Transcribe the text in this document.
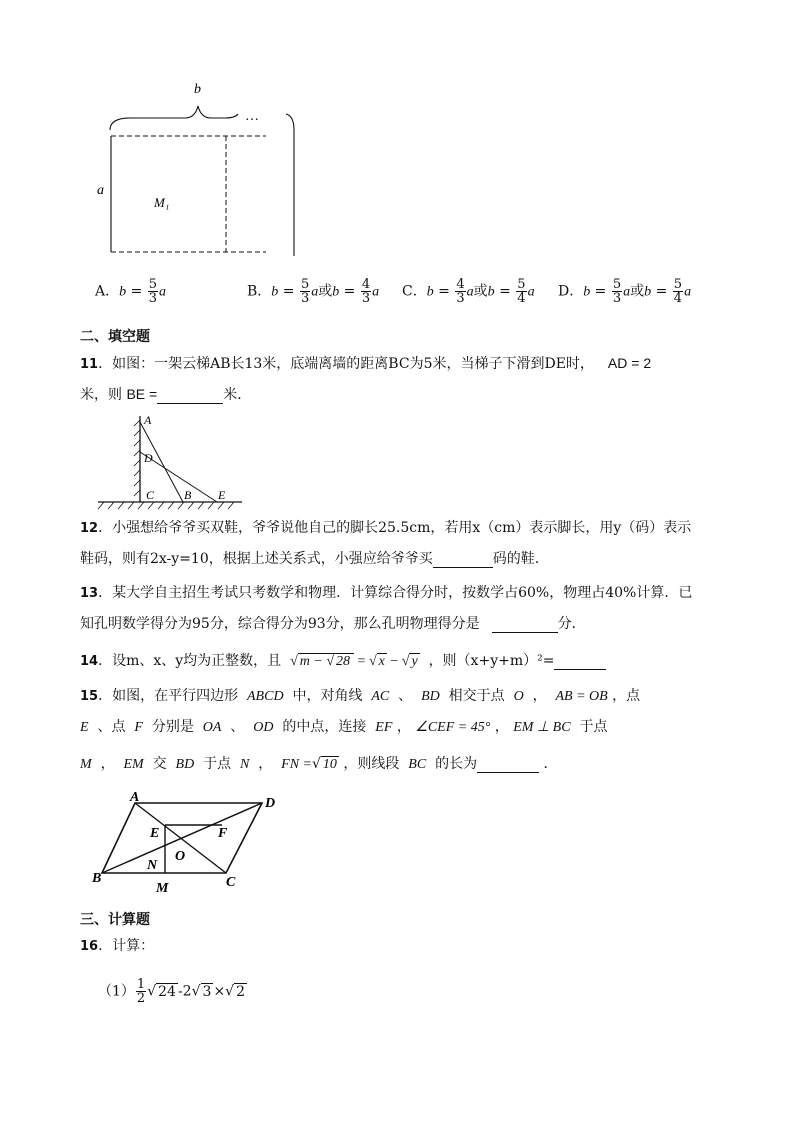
b
a
M₁
…
A．$b = \frac{5}{3}$ a	B．$b = \frac{5}{3}$ a或$b = \frac{4}{3}$ a C．$b = \frac{4}{3}$ a或$b = \frac{5}{4}$ a D．$b = \frac{5}{3}$ a或$b = \frac{5}{4}$ a
二、填空题
11．如图：一架云梯AB长13米，底端离墙的距离BC为5米，当梯子下滑到DE时， AD = 2
米，则 BE =	米．
A
D
C B E
12．小强想给爷爷买双鞋，爷爷说他自己的脚长25.5cm，若用x（cm）表示脚长，用y（码）表示
鞋码，则有2x-y=10，根据上述关系式，小强应给爷爷买	码的鞋.
13．某大学自主招生考试只考数学和物理．计算综合得分时，按数学占60%，物理占40%计算．已
知孔明数学得分为95分，综合得分为93分，那么孔明物理得分是	分．
14．设m、x、y均为正整数，且 √ m − √ 28 = √ x − √ y ，则（x+y+m）²=
15．如图，在平行四边形 ABCD 中，对角线 AC 、 BD 相交于点 O ， AB = OB ，点
E 、点 F 分别是 OA 、 OD 的中点，连接 EF ， ∠CEF = 45° ， EM ⊥ BC 于点
M ， EM 交 BD 于点 N ， FN =√ 10 ，则线段 BC 的长为	．
A	D
E	F
O
N
B
M	C
三、计算题
16．计算：
$(1) \frac{1}{2}$ √ 24 -2√ 3 ×√ 2
